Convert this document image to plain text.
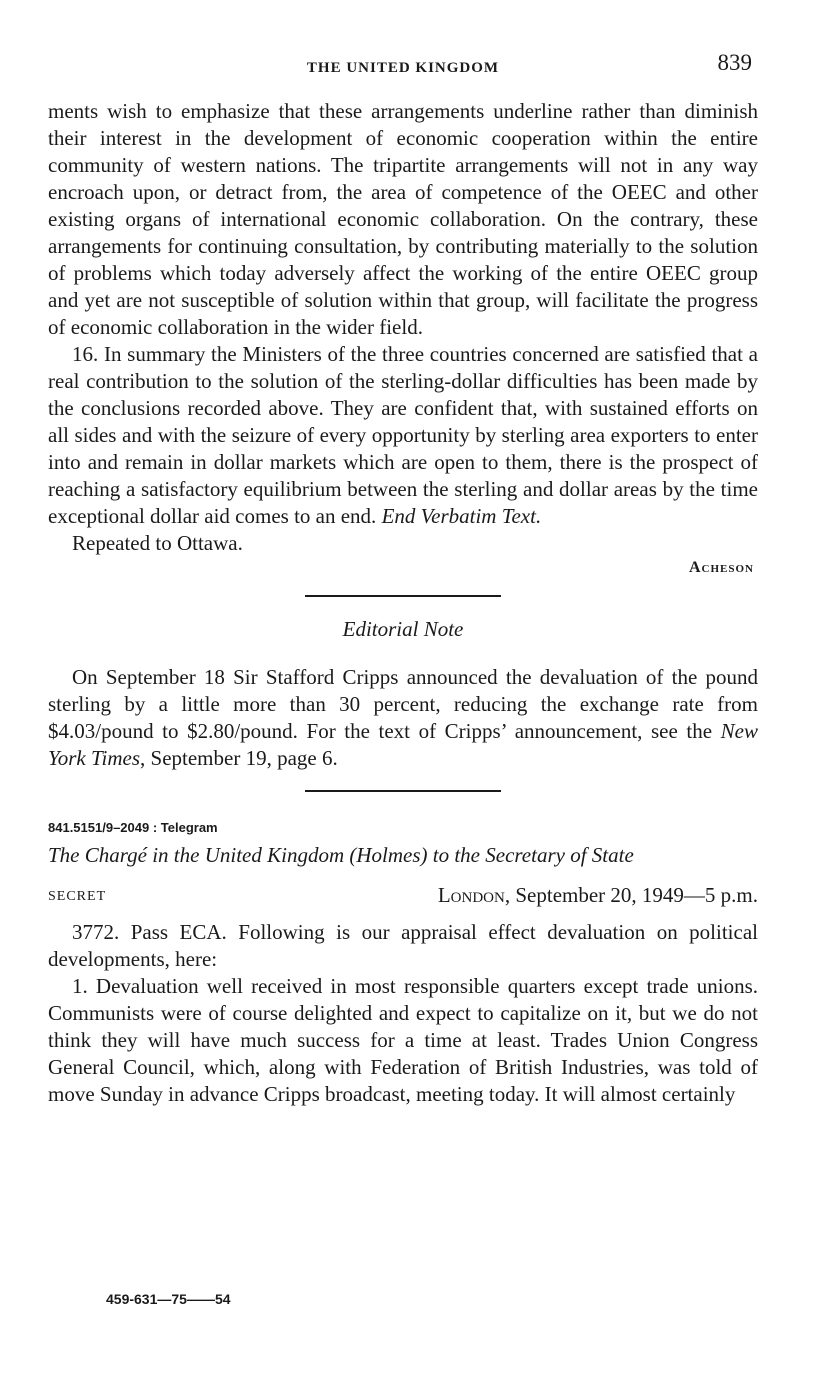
THE UNITED KINGDOM	839

ments wish to emphasize that these arrangements underline rather than diminish their interest in the development of economic cooperation within the entire community of western nations. The tripartite arrangements will not in any way encroach upon, or detract from, the area of competence of the OEEC and other existing organs of international economic collaboration. On the contrary, these arrangements for continuing consultation, by contributing materially to the solution of problems which today adversely affect the working of the entire OEEC group and yet are not susceptible of solution within that group, will facilitate the progress of economic collaboration in the wider field.

16. In summary the Ministers of the three countries concerned are satisfied that a real contribution to the solution of the sterling-dollar difficulties has been made by the conclusions recorded above. They are confident that, with sustained efforts on all sides and with the seizure of every opportunity by sterling area exporters to enter into and remain in dollar markets which are open to them, there is the prospect of reaching a satisfactory equilibrium between the sterling and dollar areas by the time exceptional dollar aid comes to an end. End Verbatim Text.

Repeated to Ottawa.

Acheson
Editorial Note

On September 18 Sir Stafford Cripps announced the devaluation of the pound sterling by a little more than 30 percent, reducing the exchange rate from $4.03/pound to $2.80/pound. For the text of Cripps’ announcement, see the New York Times, September 19, page 6.

841.5151/9–2049 : Telegram
The Chargé in the United Kingdom (Holmes) to the Secretary of State
SECRET	London, September 20, 1949—5 p.m.

3772. Pass ECA. Following is our appraisal effect devaluation on political developments, here:

1. Devaluation well received in most responsible quarters except trade unions. Communists were of course delighted and expect to capitalize on it, but we do not think they will have much success for a time at least. Trades Union Congress General Council, which, along with Federation of British Industries, was told of move Sunday in advance Cripps broadcast, meeting today. It will almost certainly

459-631—75——54
